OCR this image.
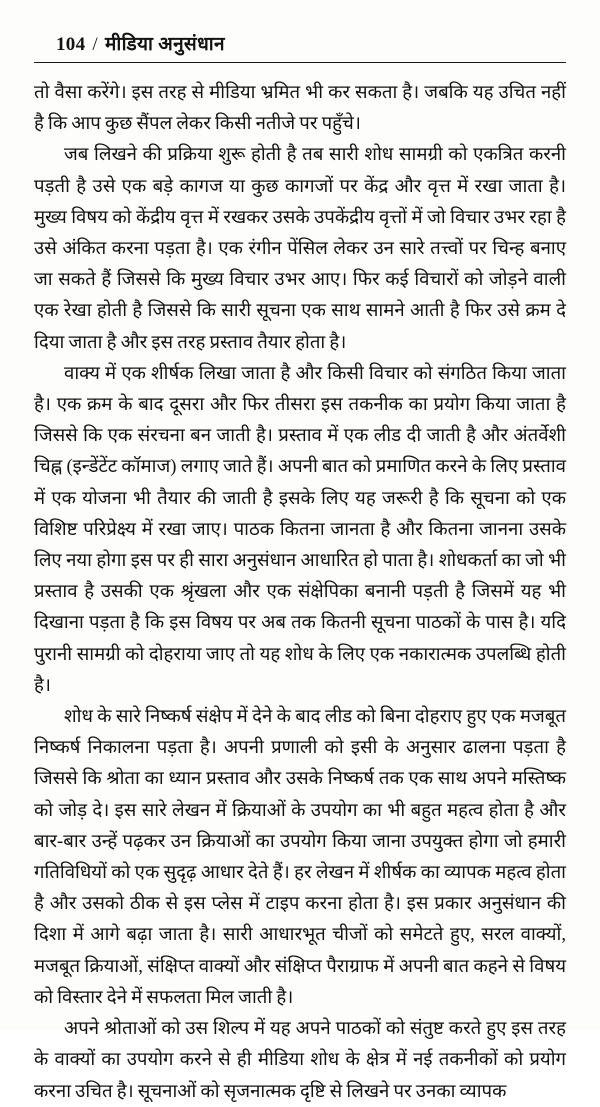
104 / मीडिया अनुसंधान

तो वैसा करेंगे। इस तरह से मीडिया भ्रमित भी कर सकता है। जबकि यह उचित नहीं है कि आप कुछ सैंपल लेकर किसी नतीजे पर पहुँचे।

जब लिखने की प्रक्रिया शुरू होती है तब सारी शोध सामग्री को एकत्रित करनी पड़ती है उसे एक बड़े कागज या कुछ कागजों पर केंद्र और वृत्त में रखा जाता है। मुख्य विषय को केंद्रीय वृत्त में रखकर उसके उपकेंद्रीय वृत्तों में जो विचार उभर रहा है उसे अंकित करना पड़ता है। एक रंगीन पेंसिल लेकर उन सारे तत्त्वों पर चिन्ह बनाए जा सकते हैं जिससे कि मुख्य विचार उभर आए। फिर कई विचारों को जोड़ने वाली एक रेखा होती है जिससे कि सारी सूचना एक साथ सामने आती है फिर उसे क्रम दे दिया जाता है और इस तरह प्रस्ताव तैयार होता है।

वाक्य में एक शीर्षक लिखा जाता है और किसी विचार को संगठित किया जाता है। एक क्रम के बाद दूसरा और फिर तीसरा इस तकनीक का प्रयोग किया जाता है जिससे कि एक संरचना बन जाती है। प्रस्ताव में एक लीड दी जाती है और अंतर्वेशी चिह्न (इन्डेंटेंट कॉमाज) लगाए जाते हैं। अपनी बात को प्रमाणित करने के लिए प्रस्ताव में एक योजना भी तैयार की जाती है इसके लिए यह जरूरी है कि सूचना को एक विशिष्ट परिप्रेक्ष्य में रखा जाए। पाठक कितना जानता है और कितना जानना उसके लिए नया होगा इस पर ही सारा अनुसंधान आधारित हो पाता है। शोधकर्ता का जो भी प्रस्ताव है उसकी एक श्रृंखला और एक संक्षेपिका बनानी पड़ती है जिसमें यह भी दिखाना पड़ता है कि इस विषय पर अब तक कितनी सूचना पाठकों के पास है। यदि पुरानी सामग्री को दोहराया जाए तो यह शोध के लिए एक नकारात्मक उपलब्धि होती है।

शोध के सारे निष्कर्ष संक्षेप में देने के बाद लीड को बिना दोहराए हुए एक मजबूत निष्कर्ष निकालना पड़ता है। अपनी प्रणाली को इसी के अनुसार ढालना पड़ता है जिससे कि श्रोता का ध्यान प्रस्ताव और उसके निष्कर्ष तक एक साथ अपने मस्तिष्क को जोड़ दे। इस सारे लेखन में क्रियाओं के उपयोग का भी बहुत महत्व होता है और बार-बार उन्हें पढ़कर उन क्रियाओं का उपयोग किया जाना उपयुक्त होगा जो हमारी गतिविधियों को एक सुदृढ़ आधार देते हैं। हर लेखन में शीर्षक का व्यापक महत्व होता है और उसको ठीक से इस प्लेस में टाइप करना होता है। इस प्रकार अनुसंधान की दिशा में आगे बढ़ा जाता है। सारी आधारभूत चीजों को समेटते हुए, सरल वाक्यों, मजबूत क्रियाओं, संक्षिप्त वाक्यों और संक्षिप्त पैराग्राफ में अपनी बात कहने से विषय को विस्तार देने में सफलता मिल जाती है।

अपने श्रोताओं को उस शिल्प में यह अपने पाठकों को संतुष्ट करते हुए इस तरह के वाक्यों का उपयोग करने से ही मीडिया शोध के क्षेत्र में नई तकनीकों को प्रयोग करना उचित है। सूचनाओं को सृजनात्मक दृष्टि से लिखने पर उनका व्यापक
